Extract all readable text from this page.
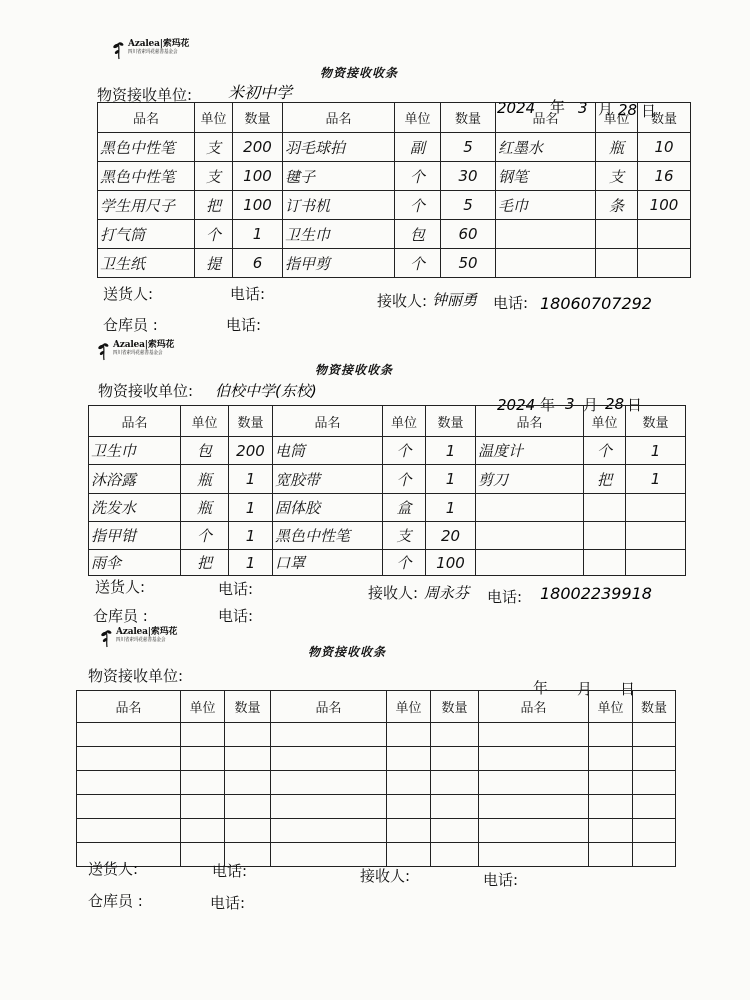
Azalea|索玛花
四川省索玛花慈善基金会
物资接收收条
物资接收单位: 米初中学
2024 年 3 月 28 日
品名	单位	数量	品名	单位	数量	品名	单位	数量
黑色中性笔	支	200	羽毛球拍	副	5	红墨水	瓶	10
黑色中性笔	支	100	毽子	个	30	钢笔	支	16
学生用尺子	把	100	订书机	个	5	毛巾	条	100
打气筒	个	1	卫生巾	包	60			
卫生纸	提	6	指甲剪	个	50			
送货人:	电话:	接收人: 钟丽勇 电话: 18060707292
仓库员 :	电话:
Azalea|索玛花
四川省索玛花慈善基金会
物资接收收条
物资接收单位: 伯校中学(东校)
2024 年 3 月 28 日
品名	单位	数量	品名	单位	数量	品名	单位	数量
卫生巾	包	200	电筒	个	1	温度计	个	1
沐浴露	瓶	1	宽胶带	个	1	剪刀	把	1
洗发水	瓶	1	固体胶	盒	1			
指甲钳	个	1	黑色中性笔	支	20			
雨伞	把	1	口罩	个	100			
送货人:	电话:	接收人: 周永芬 电话: 18002239918
仓库员 :	电话:
Azalea|索玛花
四川省索玛花慈善基金会
物资接收收条
物资接收单位:
年 月 日
品名	单位	数量	品名	单位	数量	品名	单位	数量

送货人:	电话:	接收人:	电话:
仓库员 :	电话:
